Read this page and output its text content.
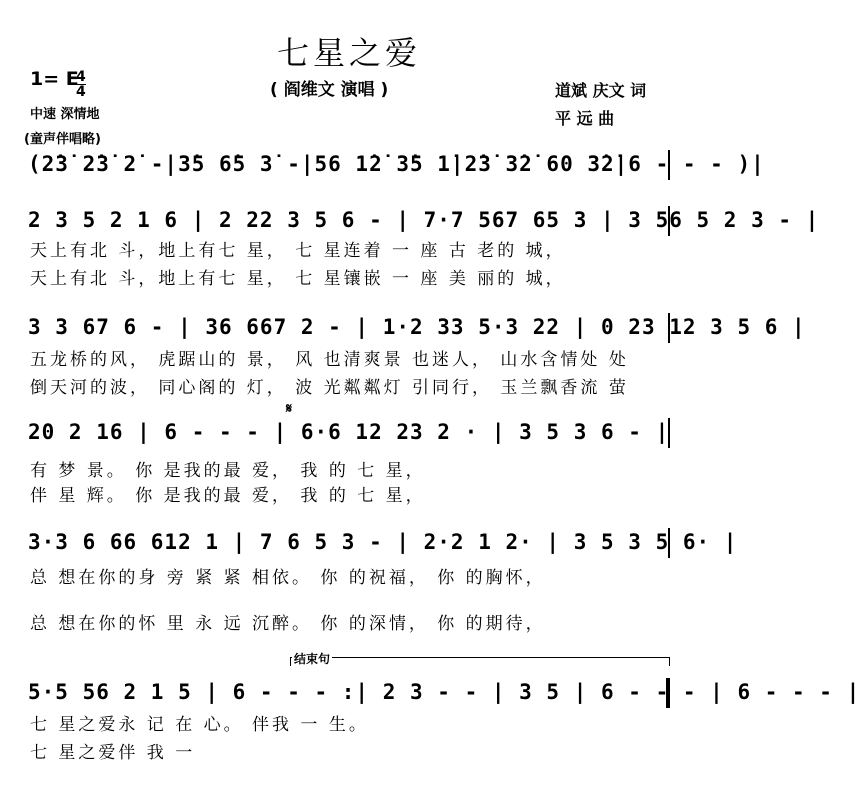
七星之爱
1= E
4
4
中速 深情地
( 阎维文 演唱 )	道斌 庆文 词
平 远 曲
(童声伴唱略)
(2̇3̇ 2̇3̇ 2̇ -|3̇5 6̇5 3̇ -|56 1̇2̇ 3̇5 1̇|2̇3̇ 3̇2̇ 60 3̇2̇|6 - - - )|
2 3 5 2 1 6 | 2 22 3 5 6 - | 7·7 567 65 3 | 3 56 5 2 3 - |
天上有北 斗，地上有七 星， 七 星连着 一 座 古 老的 城，
天上有北 斗，地上有七 星， 七 星镶嵌 一 座 美 丽的 城，
3 3 67 6 - | 36 667 2 - | 1·2 33 5·3 22 | 0 23 12 3 5 6 |
五龙桥的风， 虎踞山的 景， 风 也清爽景 也迷人， 山水含情处 处
倒天河的波， 同心阁的 灯， 波 光粼粼灯 引同行， 玉兰飘香流 萤
𝄋
20 2 16 | 6 - - - | 6·6 12 23 2 · | 3 5 3 6 - |
有 梦 景。 你 是我的最 爱， 我 的 七 星，
伴 星 辉。 你 是我的最 爱， 我 的 七 星，
3·3 6 66 612 1 | 7 6 5 3 - | 2·2 1 2· | 3 5 3 5 6· |
总 想在你的身 旁 紧 紧 相依。 你 的祝福， 你 的胸怀，
总 想在你的怀 里 永 远 沉醉。 你 的深情， 你 的期待，
结束句
5·5 56 2 1 5 | 6 - - - :| 2 3 - - | 3 5 | 6 - - - | 6 - - - |
七 星之爱永 记 在 心。 伴我 一 生。
七 星之爱伴 我 一
